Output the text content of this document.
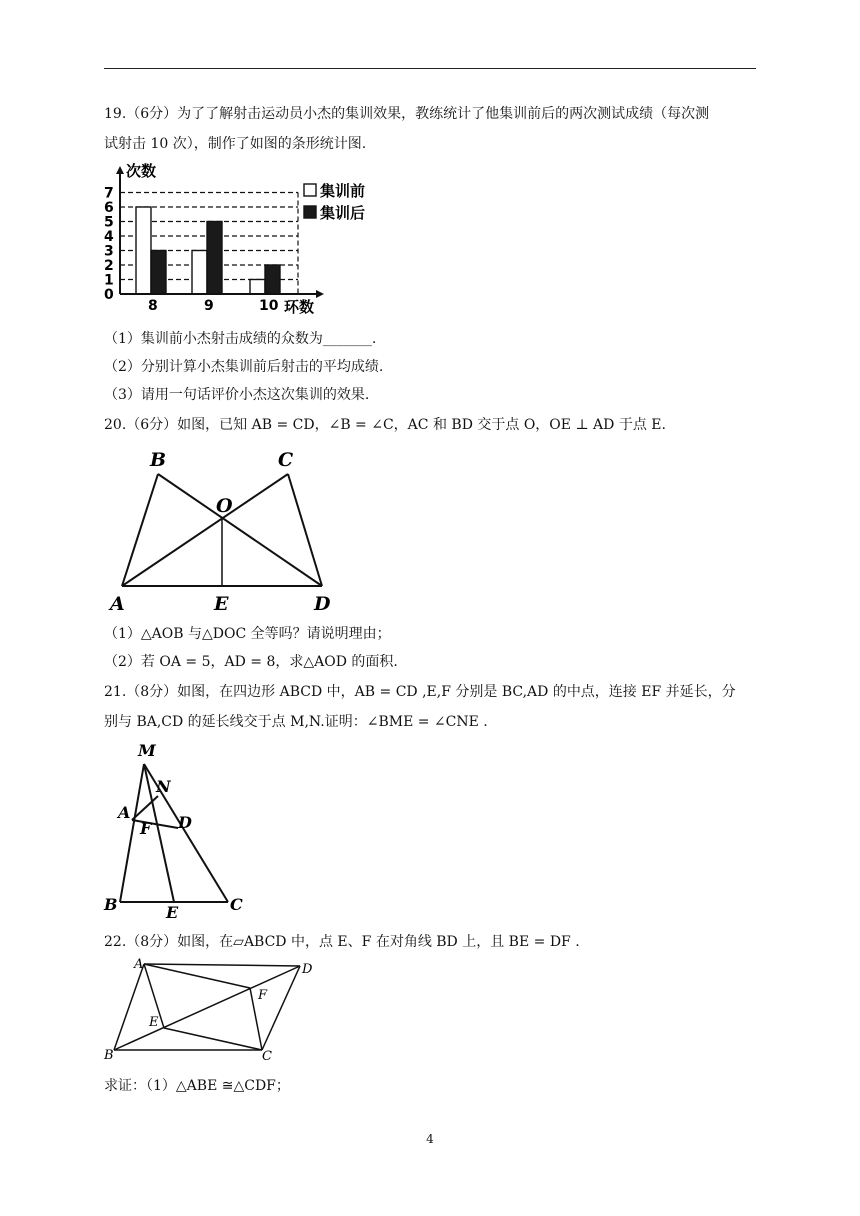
19.（6分）为了了解射击运动员小杰的集训效果，教练统计了他集训前后的两次测试成绩（每次测
试射击 10 次），制作了如图的条形统计图.
次数
环数
8	9	10
0
1
2
3
4
5
6
7	集训前
集训后
（1）集训前小杰射击成绩的众数为_______.
（2）分别计算小杰集训前后射击的平均成绩.
（3）请用一句话评价小杰这次集训的效果.
20.（6分）如图，已知 AB = CD，∠B = ∠C，AC 和 BD 交于点 O，OE ⊥ AD 于点 E.
B	C
O
A	E	D
（1）△AOB 与△DOC 全等吗？请说明理由；
（2）若 OA = 5，AD = 8，求△AOD 的面积.
21.（8分）如图，在四边形 ABCD 中，AB = CD ,E,F 分别是 BC,AD 的中点，连接 EF 并延长，分
别与 BA,CD 的延长线交于点 M,N.证明：∠BME = ∠CNE .
M
N
A
F D
B	E	C
22.（8分）如图，在▱ABCD 中，点 E、F 在对角线 BD 上，且 BE = DF .
A	D
F
E
B	C
求证：（1）△ABE ≅△CDF；
4
